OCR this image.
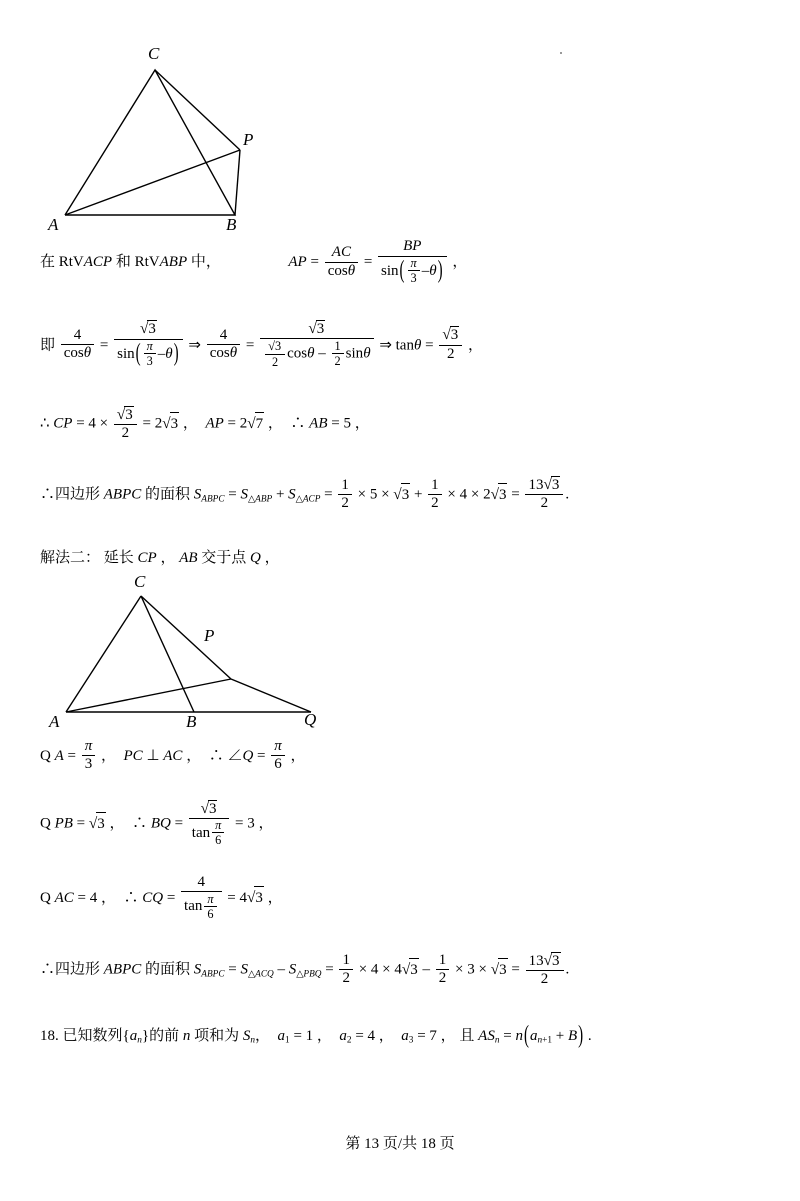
C
P
A	B
在 RtVACP 和 RtVABP 中，	AP = $\frac{AC}{\cos\theta} = \frac{BP}{\sin( \frac{\pi}{3} -\theta)}$ ，
即 $\frac{4}{\cos\theta} = \frac{√3}{\sin( \frac{\pi}{3} -\theta)}$ ⇒ $\frac{4}{\cos\theta} = \frac{√3}{\frac{√3}{2} \cos\theta - \frac{1}{2} \sin\theta}$ ⇒ $\tan\theta = \frac{√3}{2}$ ，
∴ CP = $4 \times \frac{√3}{2} = 2√3$ ，  AP = 2√7 ，  ∴ AB = 5 ，
∴四边形 ABPC 的面积 $S_{ABPC} = S_{\triangle ABP} + S_{\triangle ACP} = \frac{1}{2} \times 5 \times √3 + \frac{1}{2} \times 4 \times 2√3 = \frac{13√3}{2}$ .
解法二： 延长 CP ， AB 交于点 Q ，
C
P
A	B	Q
Q $A = \frac{\pi}{3}$ ，  PC ⊥ AC ，  ∴ ∠Q = $\frac{\pi}{6}$ ，
Q PB = √3 ，  ∴ BQ = $\frac{√3}{\tan \frac{\pi}{6}} = 3$ ，
Q AC = 4 ，  ∴ CQ = $\frac{4}{\tan \frac{\pi}{6}} = 4√3$ ，
∴四边形 ABPC 的面积 $S_{ABPC} = S_{\triangle ACQ} - S_{\triangle PBQ} = \frac{1}{2} \times 4 \times 4√3 - \frac{1}{2} \times 3 \times √3 = \frac{13√3}{2}$ .
18. 已知数列$\{a_n\}$的前 n 项和为 $S_n$，  $a_1 = 1$ ，  $a_2 = 4$ ，  $a_3 = 7$ ， 且 $AS_n = n(a_{n+1} + B)$ .
第 13 页/共 18 页
